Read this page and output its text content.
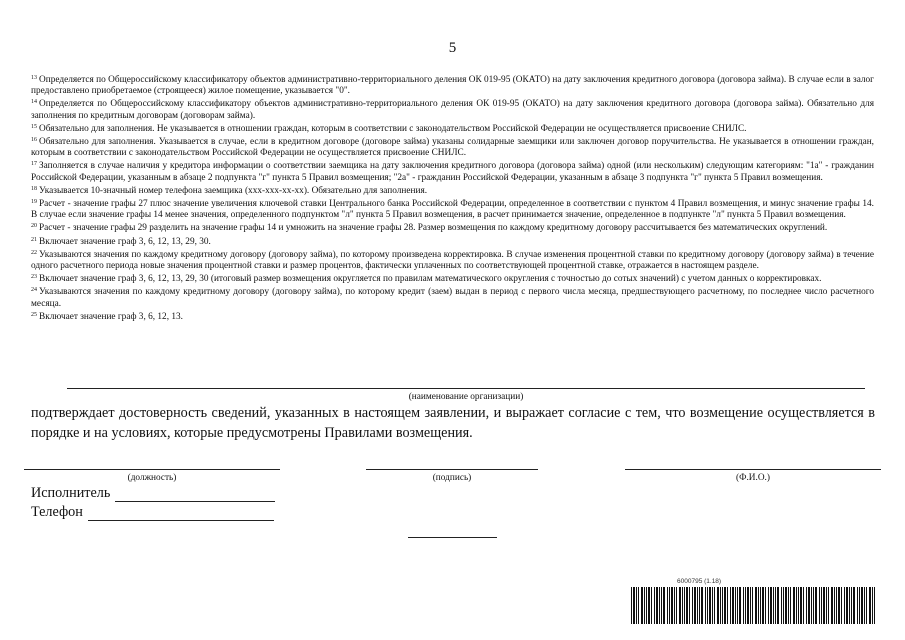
5

$^{13}$ Определяется по Общероссийскому классификатору объектов административно-территориального деления ОК 019-95 (ОКАТО) на дату заключения кредитного договора (договора займа). В случае если в залог предоставлено приобретаемое (строящееся) жилое помещение, указывается "0".

$^{14}$ Определяется по Общероссийскому классификатору объектов административно-территориального деления ОК 019-95 (ОКАТО) на дату заключения кредитного договора (договора займа). Обязательно для заполнения по кредитным договорам (договорам займа).

$^{15}$ Обязательно для заполнения. Не указывается в отношении граждан, которым в соответствии с законодательством Российской Федерации не осуществляется присвоение СНИЛС.

$^{16}$ Обязательно для заполнения. Указывается в случае, если в кредитном договоре (договоре займа) указаны солидарные заемщики или заключен договор поручительства. Не указывается в отношении граждан, которым в соответствии с законодательством Российской Федерации не осуществляется присвоение СНИЛС.

$^{17}$ Заполняется в случае наличия у кредитора информации о соответствии заемщика на дату заключения кредитного договора (договора займа) одной (или нескольким) следующим категориям: "1а" - гражданин Российской Федерации, указанным в абзаце 2 подпункта "г" пункта 5 Правил возмещения; "2а" - гражданин Российской Федерации, указанным в абзаце 3 подпункта "г" пункта 5 Правил возмещения.

$^{18}$ Указывается 10-значный номер телефона заемщика (ххх-ххх-хх-хх). Обязательно для заполнения.

$^{19}$ Расчет - значение графы 27 плюс значение увеличения ключевой ставки Центрального банка Российской Федерации, определенное в соответствии с пунктом 4 Правил возмещения, и минус значение графы 14. В случае если значение графы 14 менее значения, определенного подпунктом "л" пункта 5 Правил возмещения, в расчет принимается значение, определенное в подпункте "л" пункта 5 Правил возмещения.

$^{20}$ Расчет - значение графы 29 разделить на значение графы 14 и умножить на значение графы 28. Размер возмещения по каждому кредитному договору рассчитывается без математических округлений.

$^{21}$ Включает значение граф 3, 6, 12, 13, 29, 30.

$^{22}$ Указываются значения по каждому кредитному договору (договору займа), по которому произведена корректировка. В случае изменения процентной ставки по кредитному договору (договору займа) в течение одного расчетного периода новые значения процентной ставки и размер процентов, фактически уплаченных по соответствующей процентной ставке, отражается в настоящем разделе.

$^{23}$ Включает значение граф 3, 6, 12, 13, 29, 30 (итоговый размер возмещения округляется по правилам математического округления с точностью до сотых значений) с учетом данных о корректировках.

$^{24}$ Указываются значения по каждому кредитному договору (договору займа), по которому кредит (заем) выдан в период с первого числа месяца, предшествующего расчетному, по последнее число расчетного месяца.

$^{25}$ Включает значение граф 3, 6, 12, 13.

(наименование организации)
подтверждает достоверность сведений, указанных в настоящем заявлении, и выражает согласие с тем, что возмещение осуществляется в порядке и на условиях, которые предусмотрены Правилами возмещения.
(должность)	(подпись)	(Ф.И.О.)
Исполнитель
Телефон
6000795 (1.18)
